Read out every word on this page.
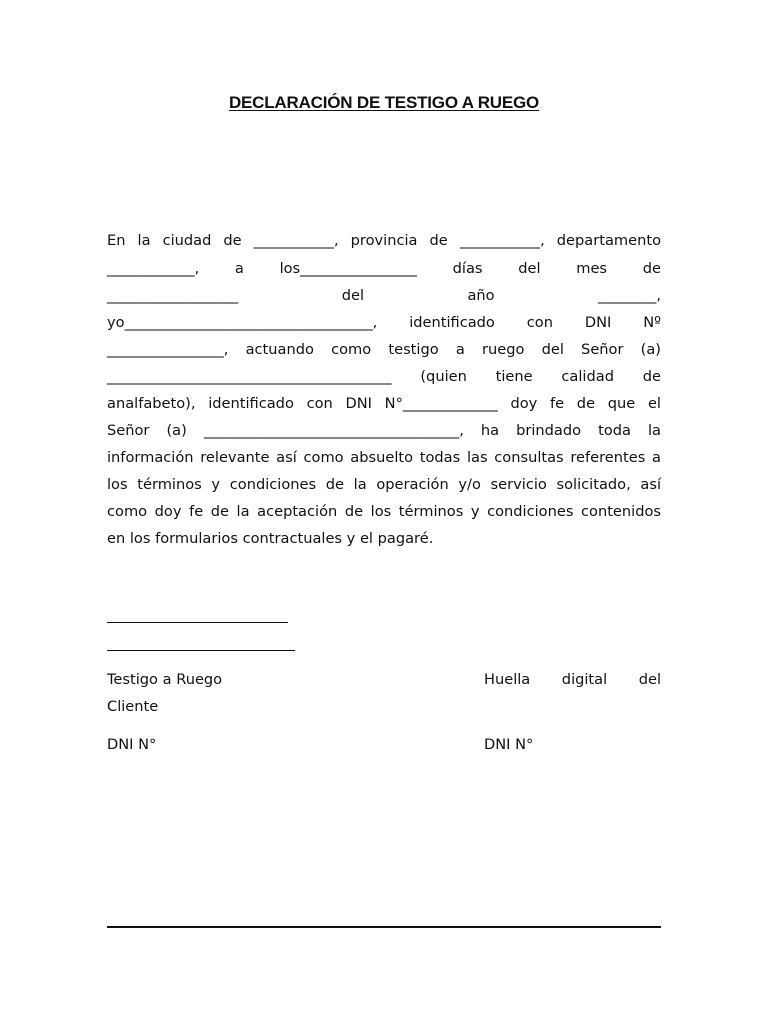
DECLARACIÓN DE TESTIGO A RUEGO
En la ciudad de ___________, provincia de ___________, departamento
____________, a los________________ días del mes de
__________________ del año ________,
yo__________________________________, identificado con DNI Nº
________________, actuando como testigo a ruego del Señor (a)
_______________________________________ (quien tiene calidad de
analfabeto), identificado con DNI N°_____________ doy fe de que el
Señor (a) ___________________________________, ha brindado toda la
información relevante así como absuelto todas las consultas referentes a
los términos y condiciones de la operación y/o servicio solicitado, así
como doy fe de la aceptación de los términos y condiciones contenidos
en los formularios contractuales y el pagaré.
Testigo a Ruego	Huella digital del
Cliente
DNI N°	DNI N°
